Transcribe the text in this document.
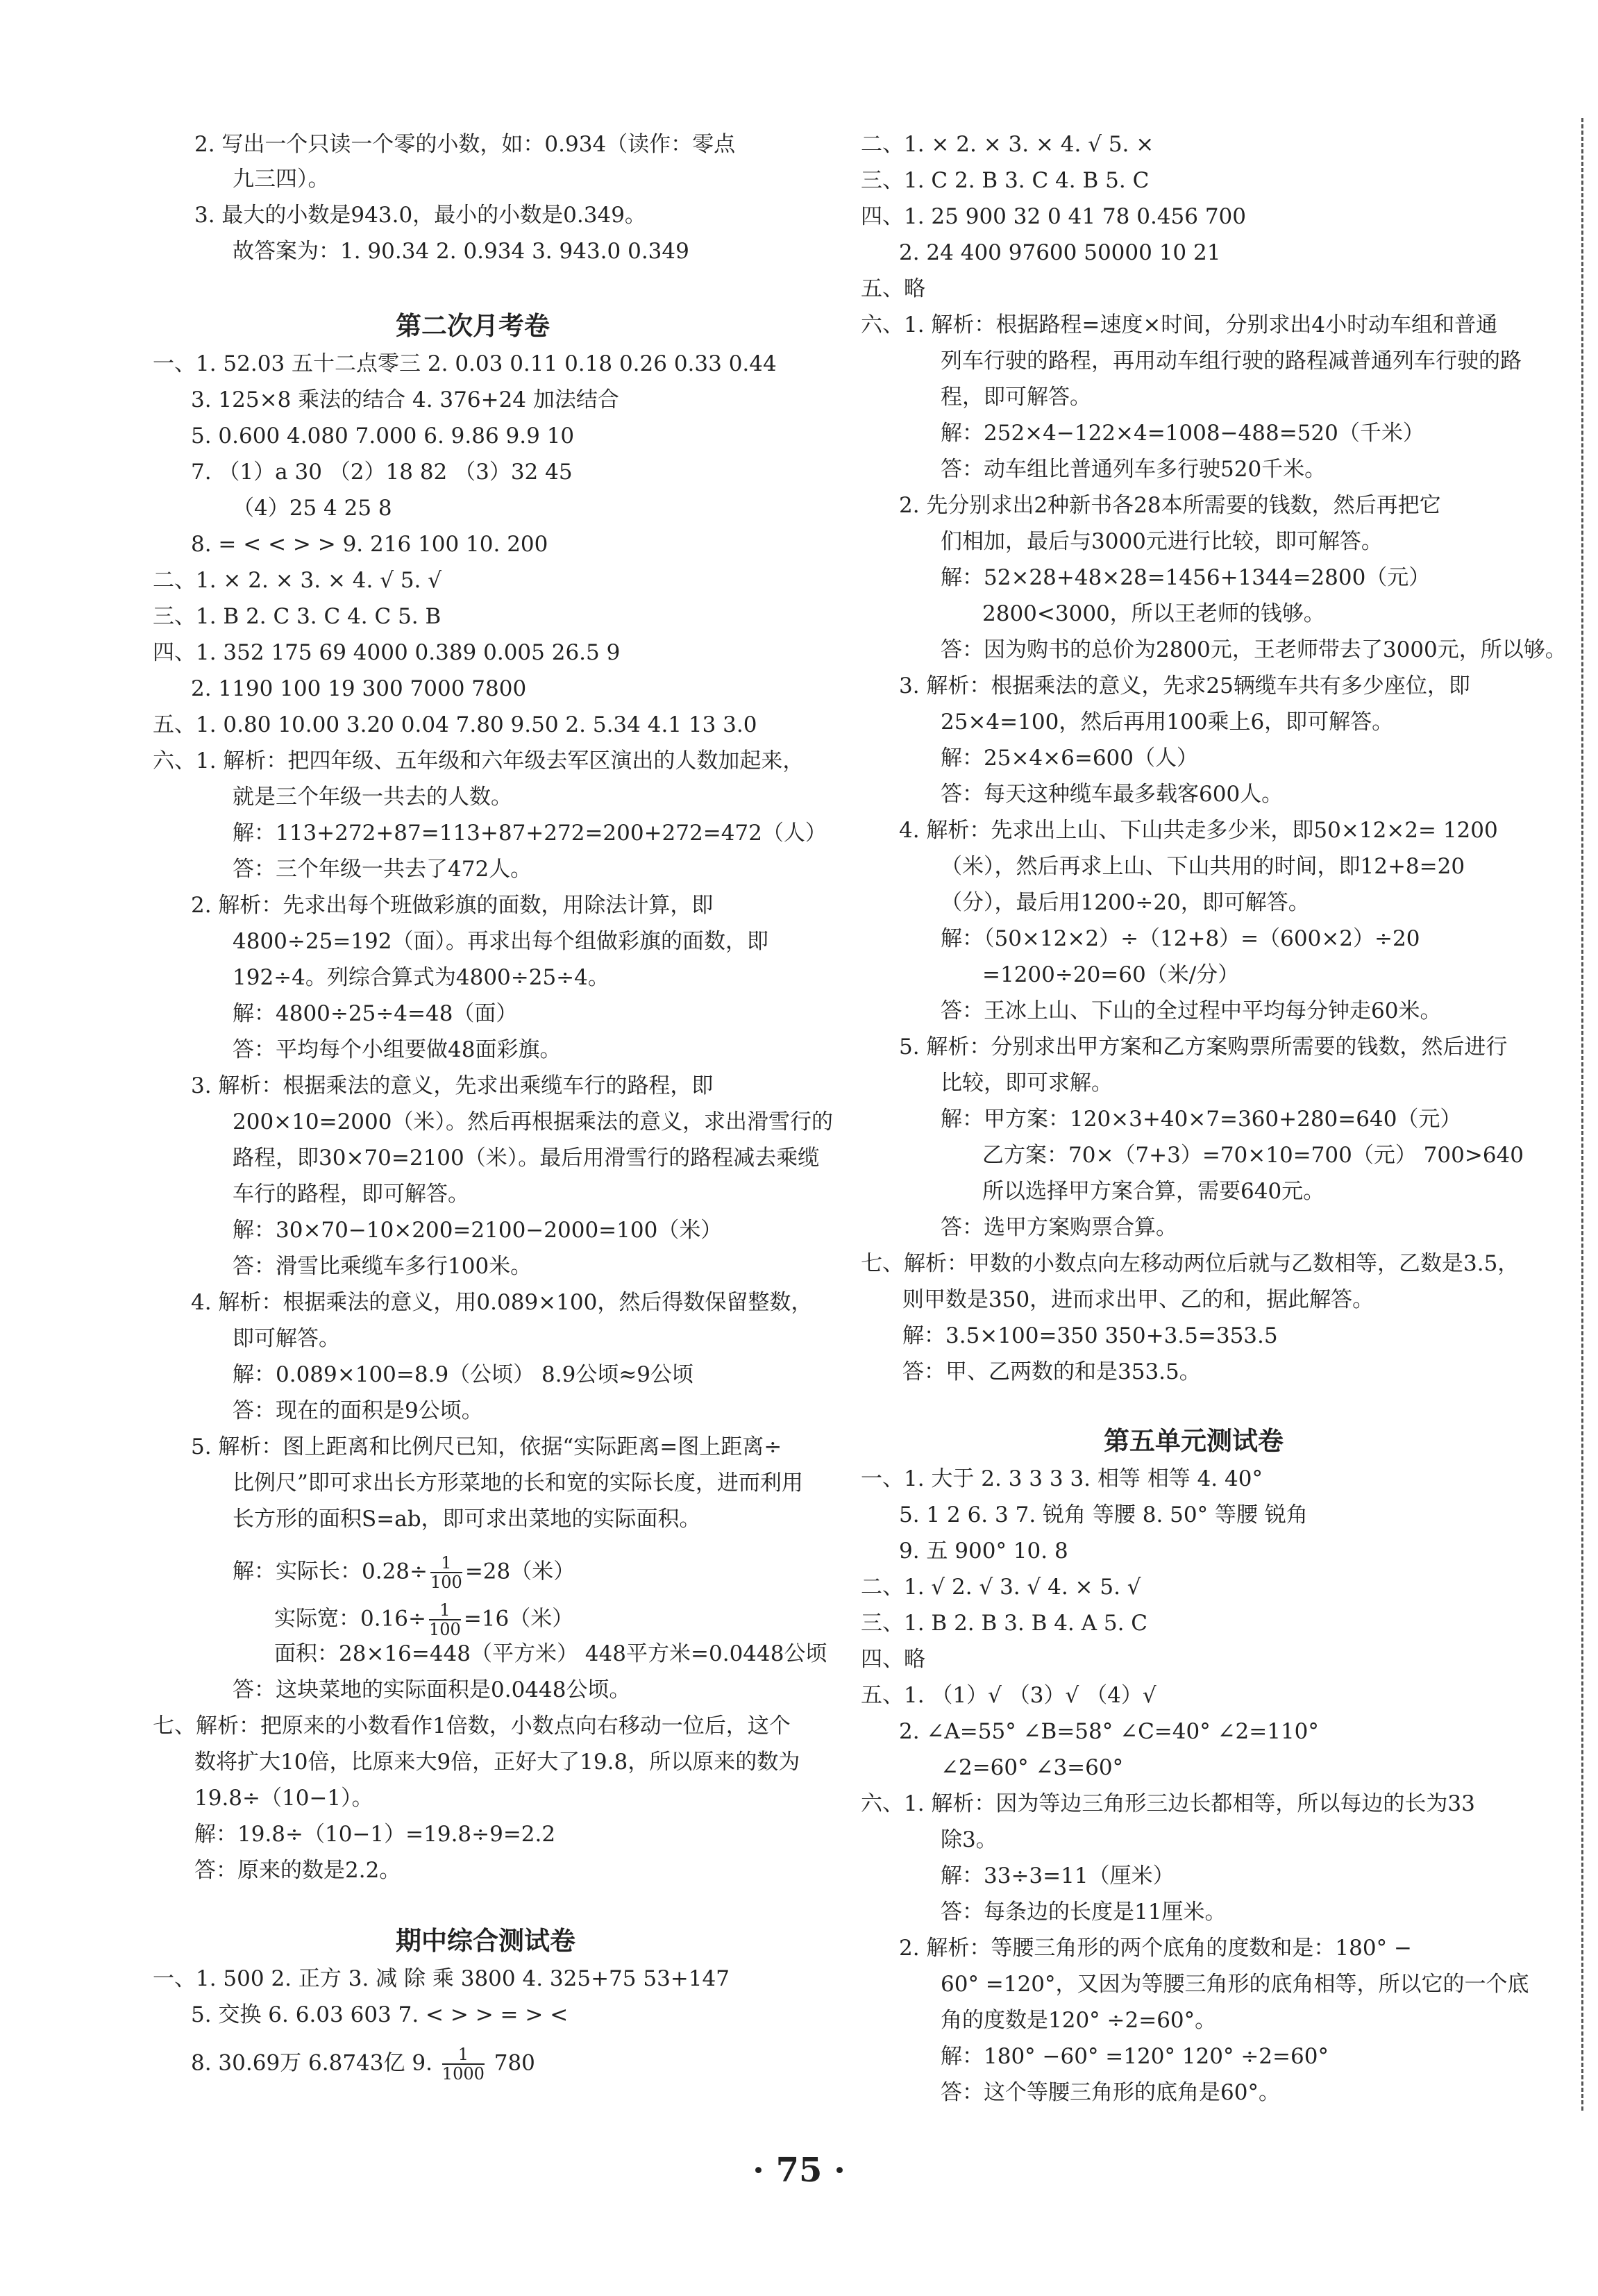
2. 写出一个只读一个零的小数，如：0.934（读作：零点
九三四）。
3. 最大的小数是943.0，最小的小数是0.349。
故答案为：1. 90.34 2. 0.934 3. 943.0 0.349
第二次月考卷
一、1. 52.03 五十二点零三 2. 0.03 0.11 0.18 0.26 0.33 0.44
3. 125×8 乘法的结合 4. 376+24 加法结合
5. 0.600 4.080 7.000 6. 9.86 9.9 10
7. （1）a 30 （2）18 82 （3）32 45
（4）25 4 25 8
8. = < < > > 9. 216 100 10. 200
二、1. × 2. × 3. × 4. √ 5. √
三、1. B 2. C 3. C 4. C 5. B
四、1. 352 175 69 4000 0.389 0.005 26.5 9
2. 1190 100 19 300 7000 7800
五、1. 0.80 10.00 3.20 0.04 7.80 9.50 2. 5.34 4.1 13 3.0
六、1. 解析：把四年级、五年级和六年级去军区演出的人数加起来，
就是三个年级一共去的人数。
解：113+272+87=113+87+272=200+272=472（人）
答：三个年级一共去了472人。
2. 解析：先求出每个班做彩旗的面数，用除法计算，即
4800÷25=192（面）。再求出每个组做彩旗的面数，即
192÷4。列综合算式为4800÷25÷4。
解：4800÷25÷4=48（面）
答：平均每个小组要做48面彩旗。
3. 解析：根据乘法的意义，先求出乘缆车行的路程，即
200×10=2000（米）。然后再根据乘法的意义，求出滑雪行的
路程，即30×70=2100（米）。最后用滑雪行的路程减去乘缆
车行的路程，即可解答。
解：30×70−10×200=2100−2000=100（米）
答：滑雪比乘缆车多行100米。
4. 解析：根据乘法的意义，用0.089×100，然后得数保留整数，
即可解答。
解：0.089×100=8.9（公顷） 8.9公顷≈9公顷
答：现在的面积是9公顷。
5. 解析：图上距离和比例尺已知，依据“实际距离=图上距离÷
比例尺”即可求出长方形菜地的长和宽的实际长度，进而利用
长方形的面积S=ab，即可求出菜地的实际面积。
解：实际长：$0.28\div \frac{1}{100} =28$（米）
实际宽：$0.16\div \frac{1}{100} =16$（米）
面积：28×16=448（平方米） 448平方米=0.0448公顷
答：这块菜地的实际面积是0.0448公顷。
七、解析：把原来的小数看作1倍数，小数点向右移动一位后，这个
数将扩大10倍，比原来大9倍，正好大了19.8，所以原来的数为
19.8÷（10−1）。
解：19.8÷（10−1）=19.8÷9=2.2
答：原来的数是2.2。
期中综合测试卷
一、1. 500 2. 正方 3. 减 除 乘 3800 4. 325+75 53+147
5. 交换 6. 6.03 603 7. < > > = > <
8. 30.69万 6.8743亿 9. $\frac{1}{1000} 780$
二、1. × 2. × 3. × 4. √ 5. ×
三、1. C 2. B 3. C 4. B 5. C
四、1. 25 900 32 0 41 78 0.456 700
2. 24 400 97600 50000 10 21
五、略
六、1. 解析：根据路程=速度×时间，分别求出4小时动车组和普通
列车行驶的路程，再用动车组行驶的路程减普通列车行驶的路
程，即可解答。
解：252×4−122×4=1008−488=520（千米）
答：动车组比普通列车多行驶520千米。
2. 先分别求出2种新书各28本所需要的钱数，然后再把它
们相加，最后与3000元进行比较，即可解答。
解：52×28+48×28=1456+1344=2800（元）
2800<3000，所以王老师的钱够。
答：因为购书的总价为2800元，王老师带去了3000元，所以够。
3. 解析：根据乘法的意义，先求25辆缆车共有多少座位，即
25×4=100，然后再用100乘上6，即可解答。
解：25×4×6=600（人）
答：每天这种缆车最多载客600人。
4. 解析：先求出上山、下山共走多少米，即50×12×2= 1200
（米），然后再求上山、下山共用的时间，即12+8=20
（分），最后用1200÷20，即可解答。
解：（50×12×2）÷（12+8）=（600×2）÷20
=1200÷20=60（米/分）
答：王冰上山、下山的全过程中平均每分钟走60米。
5. 解析：分别求出甲方案和乙方案购票所需要的钱数，然后进行
比较，即可求解。
解：甲方案：120×3+40×7=360+280=640（元）
乙方案：70×（7+3）=70×10=700（元） 700>640
所以选择甲方案合算，需要640元。
答：选甲方案购票合算。
七、解析：甲数的小数点向左移动两位后就与乙数相等，乙数是3.5，
则甲数是350，进而求出甲、乙的和，据此解答。
解：3.5×100=350 350+3.5=353.5
答：甲、乙两数的和是353.5。
第五单元测试卷
一、1. 大于 2. 3 3 3 3. 相等 相等 4. 40°
5. 1 2 6. 3 7. 锐角 等腰 8. 50° 等腰 锐角
9. 五 900° 10. 8
二、1. √ 2. √ 3. √ 4. × 5. √
三、1. B 2. B 3. B 4. A 5. C
四、略
五、1. （1）√ （3）√ （4）√
2. ∠A=55° ∠B=58° ∠C=40° ∠2=110°
∠2=60° ∠3=60°
六、1. 解析：因为等边三角形三边长都相等，所以每边的长为33
除3。
解：33÷3=11（厘米）
答：每条边的长度是11厘米。
2. 解析：等腰三角形的两个底角的度数和是：180° −
60° =120°，又因为等腰三角形的底角相等，所以它的一个底
角的度数是120° ÷2=60°。
解：180° −60° =120° 120° ÷2=60°
答：这个等腰三角形的底角是60°。
· 75 ·
